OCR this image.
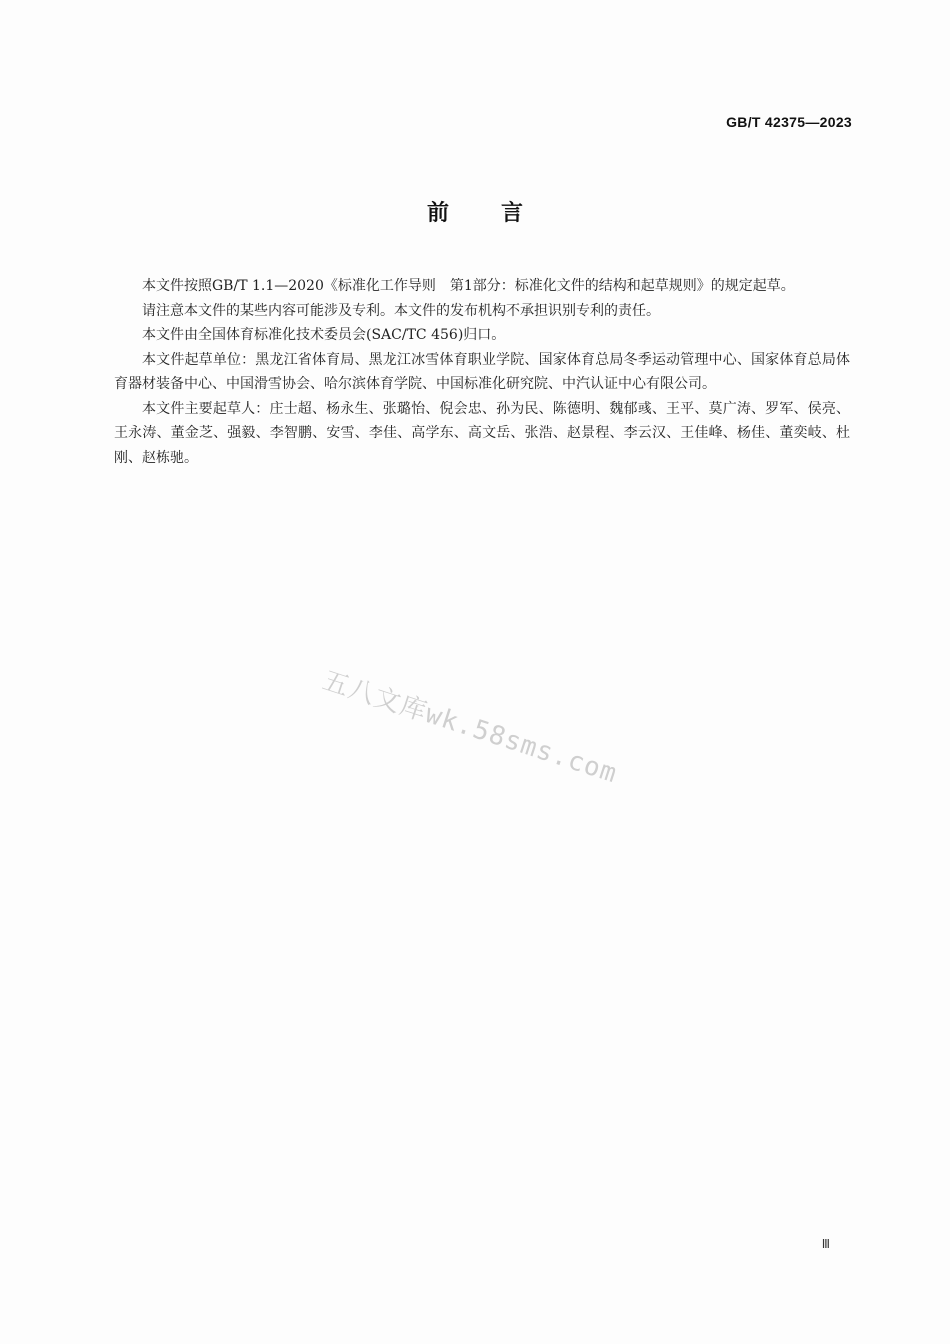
GB/T 42375—2023
前言

本文件按照GB/T 1.1—2020《标准化工作导则　第1部分：标准化文件的结构和起草规则》的规定起草。

请注意本文件的某些内容可能涉及专利。本文件的发布机构不承担识别专利的责任。

本文件由全国体育标准化技术委员会(SAC/TC 456)归口。

本文件起草单位：黑龙江省体育局、黑龙江冰雪体育职业学院、国家体育总局冬季运动管理中心、国家体育总局体育器材装备中心、中国滑雪协会、哈尔滨体育学院、中国标准化研究院、中汽认证中心有限公司。

本文件主要起草人：庄士超、杨永生、张璐怡、倪会忠、孙为民、陈德明、魏郁彧、王平、莫广涛、罗军、侯亮、王永涛、董金芝、强毅、李智鹏、安雪、李佳、高学东、高文岳、张浩、赵景程、李云汉、王佳峰、杨佳、董奕岐、杜刚、赵栋驰。

五八文库wk.58sms.com
Ⅲ
